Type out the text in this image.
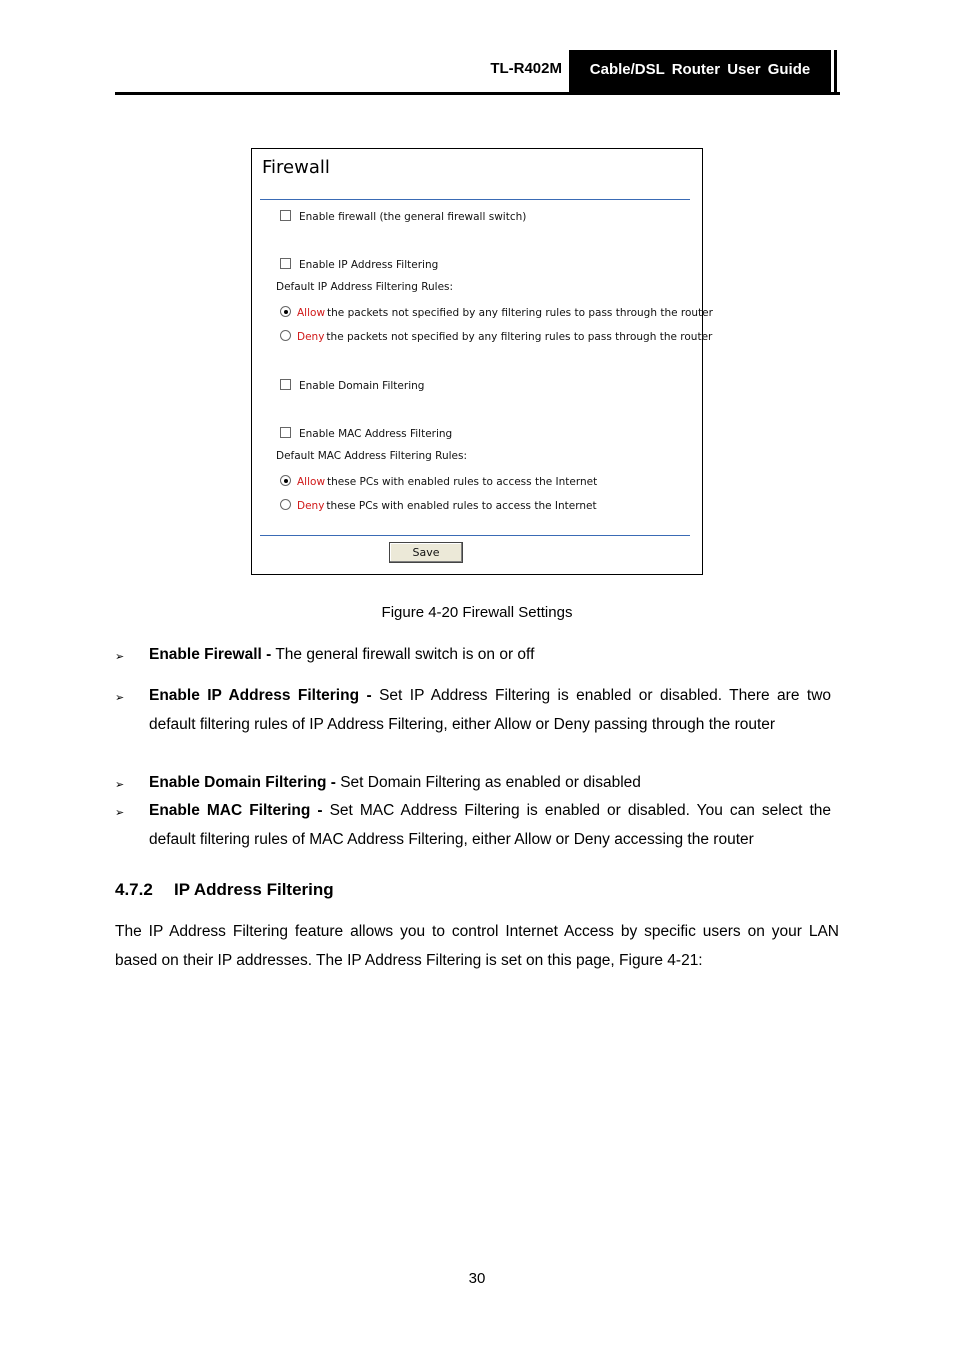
TL-R402M	Cable/DSL Router User Guide
Firewall
Enable firewall (the general firewall switch)
Enable IP Address Filtering
Default IP Address Filtering Rules:
Allow the packets not specified by any filtering rules to pass through the router
Deny the packets not specified by any filtering rules to pass through the router
Enable Domain Filtering
Enable MAC Address Filtering
Default MAC Address Filtering Rules:
Allow these PCs with enabled rules to access the Internet
Deny these PCs with enabled rules to access the Internet
Save
Figure 4-20 Firewall Settings
➢ Enable Firewall - The general firewall switch is on or off
➢ Enable IP Address Filtering - Set IP Address Filtering is enabled or disabled. There are two default filtering rules of IP Address Filtering, either Allow or Deny passing through the router
➢ Enable Domain Filtering - Set Domain Filtering as enabled or disabled
➢ Enable MAC Filtering - Set MAC Address Filtering is enabled or disabled. You can select the default filtering rules of MAC Address Filtering, either Allow or Deny accessing the router
4.7.2 IP Address Filtering
The IP Address Filtering feature allows you to control Internet Access by specific users on your LAN based on their IP addresses. The IP Address Filtering is set on this page, Figure 4-21:
30
